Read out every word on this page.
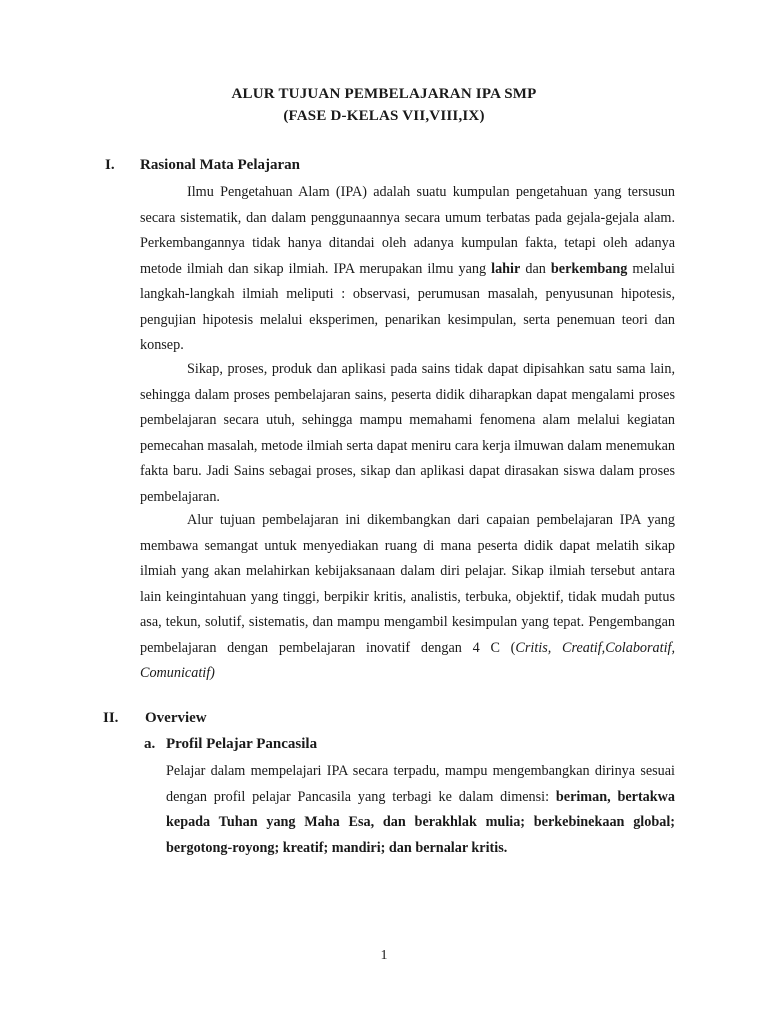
ALUR TUJUAN PEMBELAJARAN IPA SMP
(FASE D-KELAS VII,VIII,IX)
I. Rasional Mata Pelajaran

Ilmu Pengetahuan Alam (IPA) adalah suatu kumpulan pengetahuan yang tersusun secara sistematik, dan dalam penggunaannya secara umum terbatas pada gejala-gejala alam. Perkembangannya tidak hanya ditandai oleh adanya kumpulan fakta, tetapi oleh adanya metode ilmiah dan sikap ilmiah. IPA merupakan ilmu yang lahir dan berkembang melalui langkah-langkah ilmiah meliputi : observasi, perumusan masalah, penyusunan hipotesis, pengujian hipotesis melalui eksperimen, penarikan kesimpulan, serta penemuan teori dan konsep.

Sikap, proses, produk dan aplikasi pada sains tidak dapat dipisahkan satu sama lain, sehingga dalam proses pembelajaran sains, peserta didik diharapkan dapat mengalami proses pembelajaran secara utuh, sehingga mampu memahami fenomena alam melalui kegiatan pemecahan masalah, metode ilmiah serta dapat meniru cara kerja ilmuwan dalam menemukan fakta baru. Jadi Sains sebagai proses, sikap dan aplikasi dapat dirasakan siswa dalam proses pembelajaran.

Alur tujuan pembelajaran ini dikembangkan dari capaian pembelajaran IPA yang membawa semangat untuk menyediakan ruang di mana peserta didik dapat melatih sikap ilmiah yang akan melahirkan kebijaksanaan dalam diri pelajar. Sikap ilmiah tersebut antara lain keingintahuan yang tinggi, berpikir kritis, analistis, terbuka, objektif, tidak mudah putus asa, tekun, solutif, sistematis, dan mampu mengambil kesimpulan yang tepat. Pengembangan pembelajaran dengan pembelajaran inovatif dengan 4 C (Critis, Creatif,Colaboratif, Comunicatif)

II. Overview
a. Profil Pelajar Pancasila

Pelajar dalam mempelajari IPA secara terpadu, mampu mengembangkan dirinya sesuai dengan profil pelajar Pancasila yang terbagi ke dalam dimensi: beriman, bertakwa kepada Tuhan yang Maha Esa, dan berakhlak mulia; berkebinekaan global; bergotong-royong; kreatif; mandiri; dan bernalar kritis.

1
